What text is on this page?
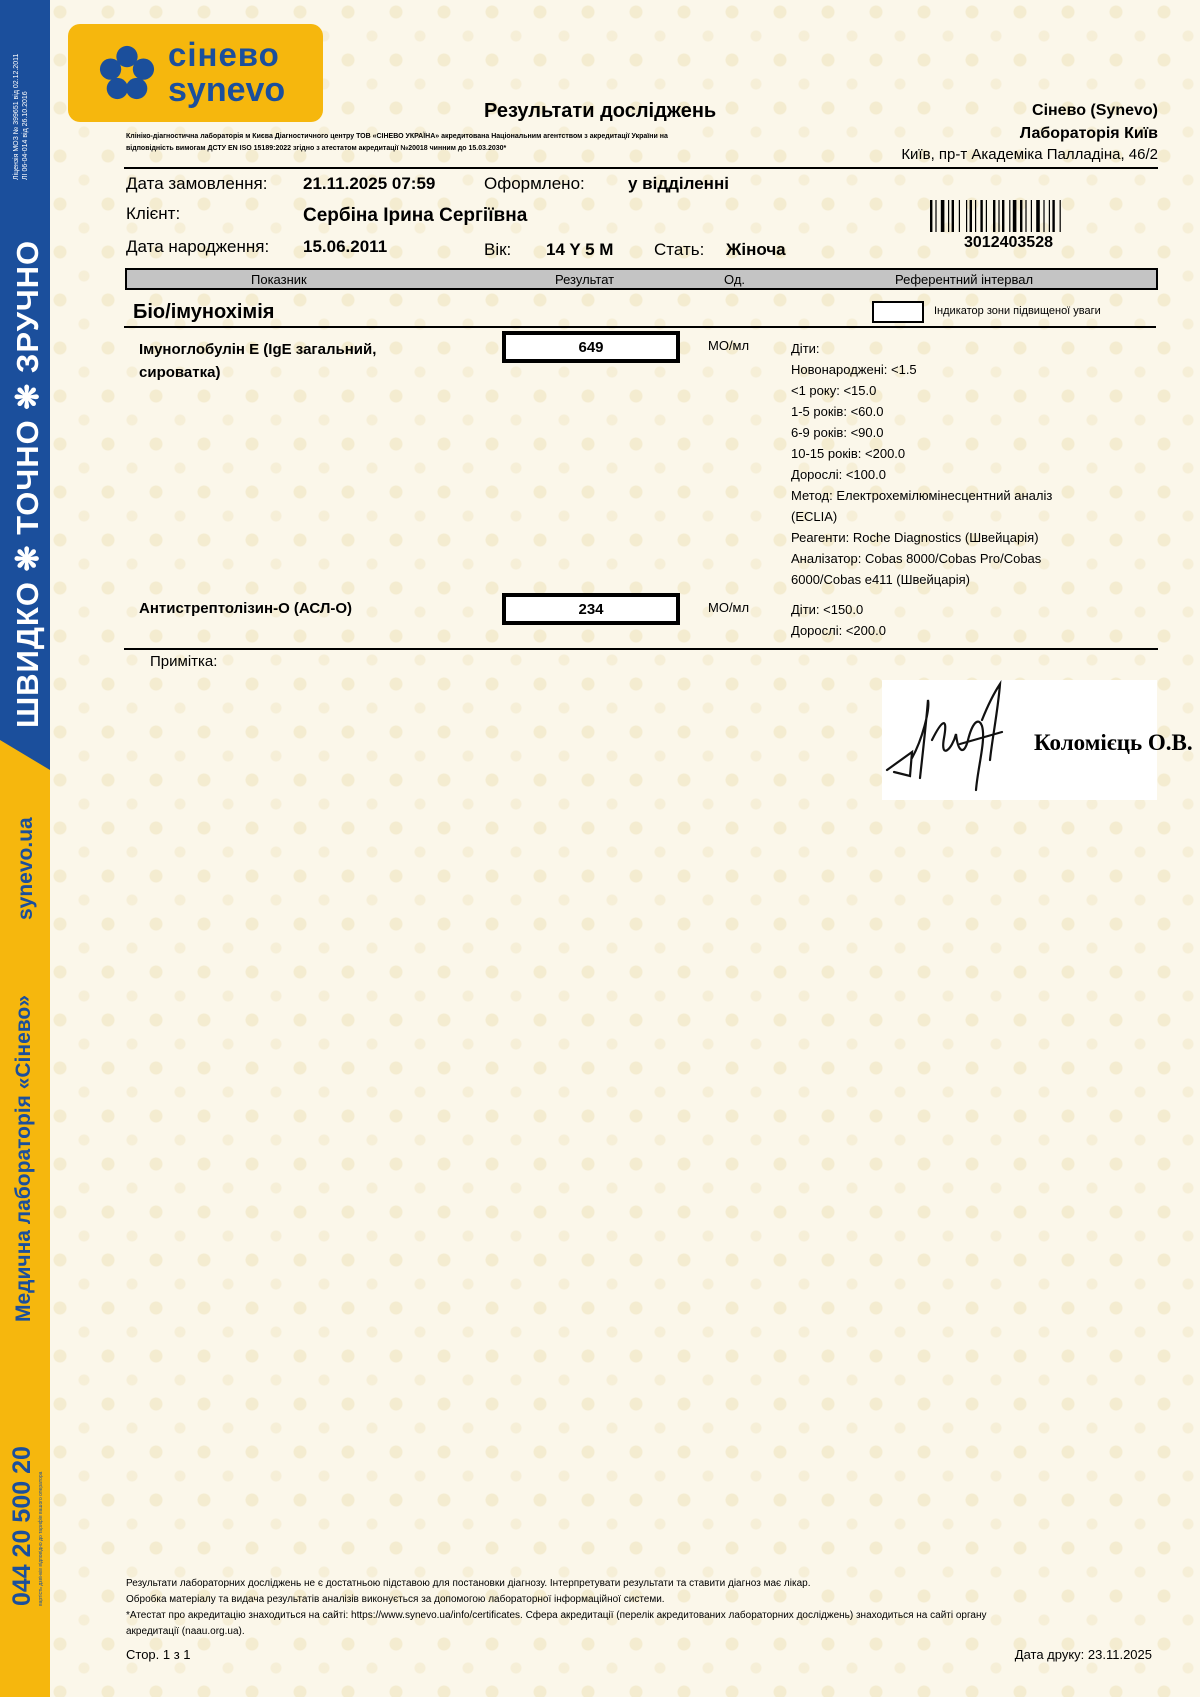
Ліцензія МОЗ № 399651 від 02.12.2011 ЛІ 06-04-014 від 26.10.2016
ШВИДКО ❋ ТОЧНО ❋ ЗРУЧНО
synevo.ua
Медична лабораторія «Сінево»
044 20 500 20 вартість дзвінків відповідно до тарифів вашого оператора
сінево
synevo
Результати досліджень
Клініко-діагностична лабораторія м Києва Діагностичного центру ТОВ «СІНЕВО УКРАЇНА» акредитована Національним агентством з акредитації України на відповідність вимогам ДСТУ EN ISO 15189:2022 згідно з атестатом акредитації №20018 чинним до 15.03.2030*
Сінево (Synevo)
Лабораторія Київ
Київ, пр-т Академіка Палладіна, 46/2
Дата замовлення: 21.11.2025 07:59	Оформлено:	у відділенні
Клієнт:	Сербіна Ірина Сергіївна
Дата народження: 15.06.2011	Вік: 14 Y 5 M Стать: Жіноча	3012403528
Показник	Результат	Од.	Референтний інтервал
Біо/імунохімія	Індикатор зони підвищеної уваги
Імуноглобулін Е (IgE загальний,
сироватка)
649	МО/мл	Діти:
Новонароджені: <1.5
<1 року: <15.0
1-5 років: <60.0
6-9 років: <90.0
10-15 років: <200.0
Дорослі: <100.0
Метод: Електрохемілюмінесцентний аналіз
(ECLIA)
Реагенти: Roche Diagnostics (Швейцарія)
Аналізатор: Cobas 8000/Cobas Pro/Cobas
6000/Cobas e411 (Швейцарія)
Антистрептолізин-О (АСЛ-О)	234	МО/мл	Діти: <150.0
Дорослі: <200.0
Примітка:
Коломієць О.В.
Результати лабораторних досліджень не є достатньою підставою для постановки діагнозу. Інтерпретувати результати та ставити діагноз має лікар.
Обробка матеріалу та видача результатів аналізів виконується за допомогою лабораторної інформаційної системи.
*Атестат про акредитацію знаходиться на сайті: https://www.synevo.ua/info/certificates. Сфера акредитації (перелік акредитованих лабораторних досліджень) знаходиться на сайті органу
акредитації (naau.org.ua).
Стор. 1 з 1	Дата друку: 23.11.2025
